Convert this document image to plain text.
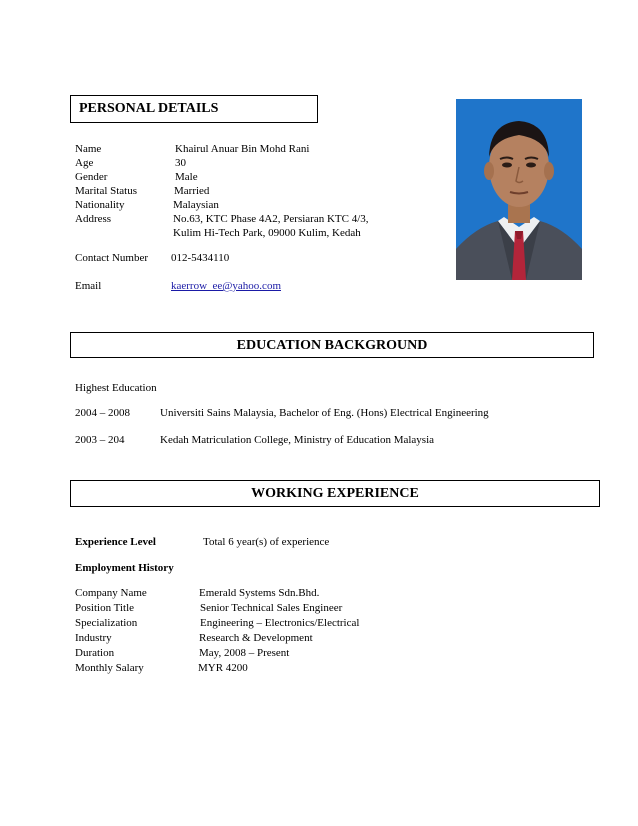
PERSONAL DETAILS
Name	Khairul Anuar Bin Mohd Rani
Age	30
Gender	Male
Marital Status	Married
Nationality	Malaysian
Address	No.63, KTC Phase 4A2, Persiaran KTC 4/3,
Kulim Hi-Tech Park, 09000 Kulim, Kedah
Contact Number 012-5434110
Email	kaerrow_ee@yahoo.com
EDUCATION BACKGROUND
Highest Education
2004 – 2008	Universiti Sains Malaysia, Bachelor of Eng. (Hons) Electrical Engineering
2003 – 204	Kedah Matriculation College, Ministry of Education Malaysia
WORKING EXPERIENCE
Experience Level	Total 6 year(s) of experience
Employment History
Company Name	Emerald Systems Sdn.Bhd.
Position Title	Senior Technical Sales Engineer
Specialization	Engineering – Electronics/Electrical
Industry	Research & Development
Duration	May, 2008 – Present
Monthly Salary	MYR 4200
